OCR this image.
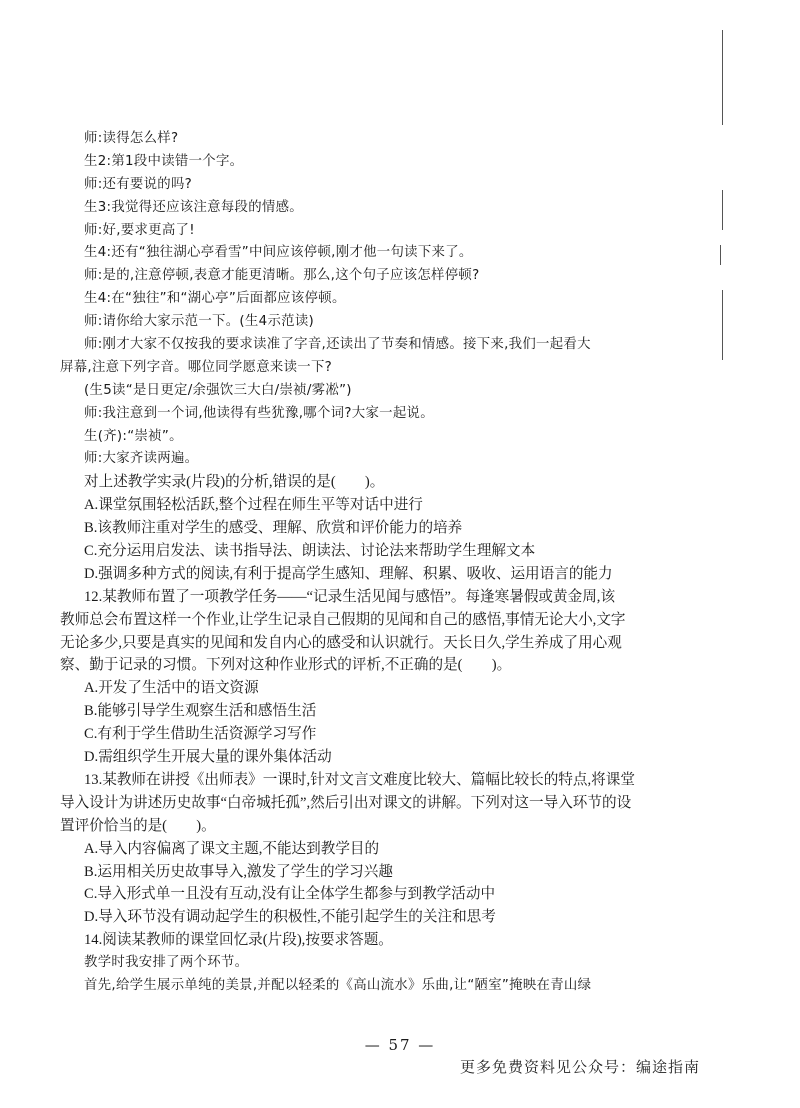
师:读得怎么样?
生2:第1段中读错一个字。
师:还有要说的吗?
生3:我觉得还应该注意每段的情感。
师:好,要求更高了!
生4:还有“独往湖心亭看雪”中间应该停顿,刚才他一句读下来了。
师:是的,注意停顿,表意才能更清晰。那么,这个句子应该怎样停顿?
生4:在“独往”和“湖心亭”后面都应该停顿。
师:请你给大家示范一下。(生4示范读)
师:刚才大家不仅按我的要求读准了字音,还读出了节奏和情感。接下来,我们一起看大
屏幕,注意下列字音。哪位同学愿意来读一下?
(生5读“是日更定/余强饮三大白/崇祯/雾凇”)
师:我注意到一个词,他读得有些犹豫,哪个词?大家一起说。
生(齐):“崇祯”。
师:大家齐读两遍。
对上述教学实录(片段)的分析,错误的是(　　)。
A.课堂氛围轻松活跃,整个过程在师生平等对话中进行
B.该教师注重对学生的感受、理解、欣赏和评价能力的培养
C.充分运用启发法、读书指导法、朗读法、讨论法来帮助学生理解文本
D.强调多种方式的阅读,有利于提高学生感知、理解、积累、吸收、运用语言的能力
12.某教师布置了一项教学任务——“记录生活见闻与感悟”。每逢寒暑假或黄金周,该
教师总会布置这样一个作业,让学生记录自己假期的见闻和自己的感悟,事情无论大小,文字
无论多少,只要是真实的见闻和发自内心的感受和认识就行。天长日久,学生养成了用心观
察、勤于记录的习惯。下列对这种作业形式的评析,不正确的是(　　)。
A.开发了生活中的语文资源
B.能够引导学生观察生活和感悟生活
C.有利于学生借助生活资源学习写作
D.需组织学生开展大量的课外集体活动
13.某教师在讲授《出师表》一课时,针对文言文难度比较大、篇幅比较长的特点,将课堂
导入设计为讲述历史故事“白帝城托孤”,然后引出对课文的讲解。下列对这一导入环节的设
置评价恰当的是(　　)。
A.导入内容偏离了课文主题,不能达到教学目的
B.运用相关历史故事导入,激发了学生的学习兴趣
C.导入形式单一且没有互动,没有让全体学生都参与到教学活动中
D.导入环节没有调动起学生的积极性,不能引起学生的关注和思考
14.阅读某教师的课堂回忆录(片段),按要求答题。
教学时我安排了两个环节。
首先,给学生展示单纯的美景,并配以轻柔的《高山流水》乐曲,让“陋室”掩映在青山绿
— 57 —
更多免费资料见公众号：编途指南
